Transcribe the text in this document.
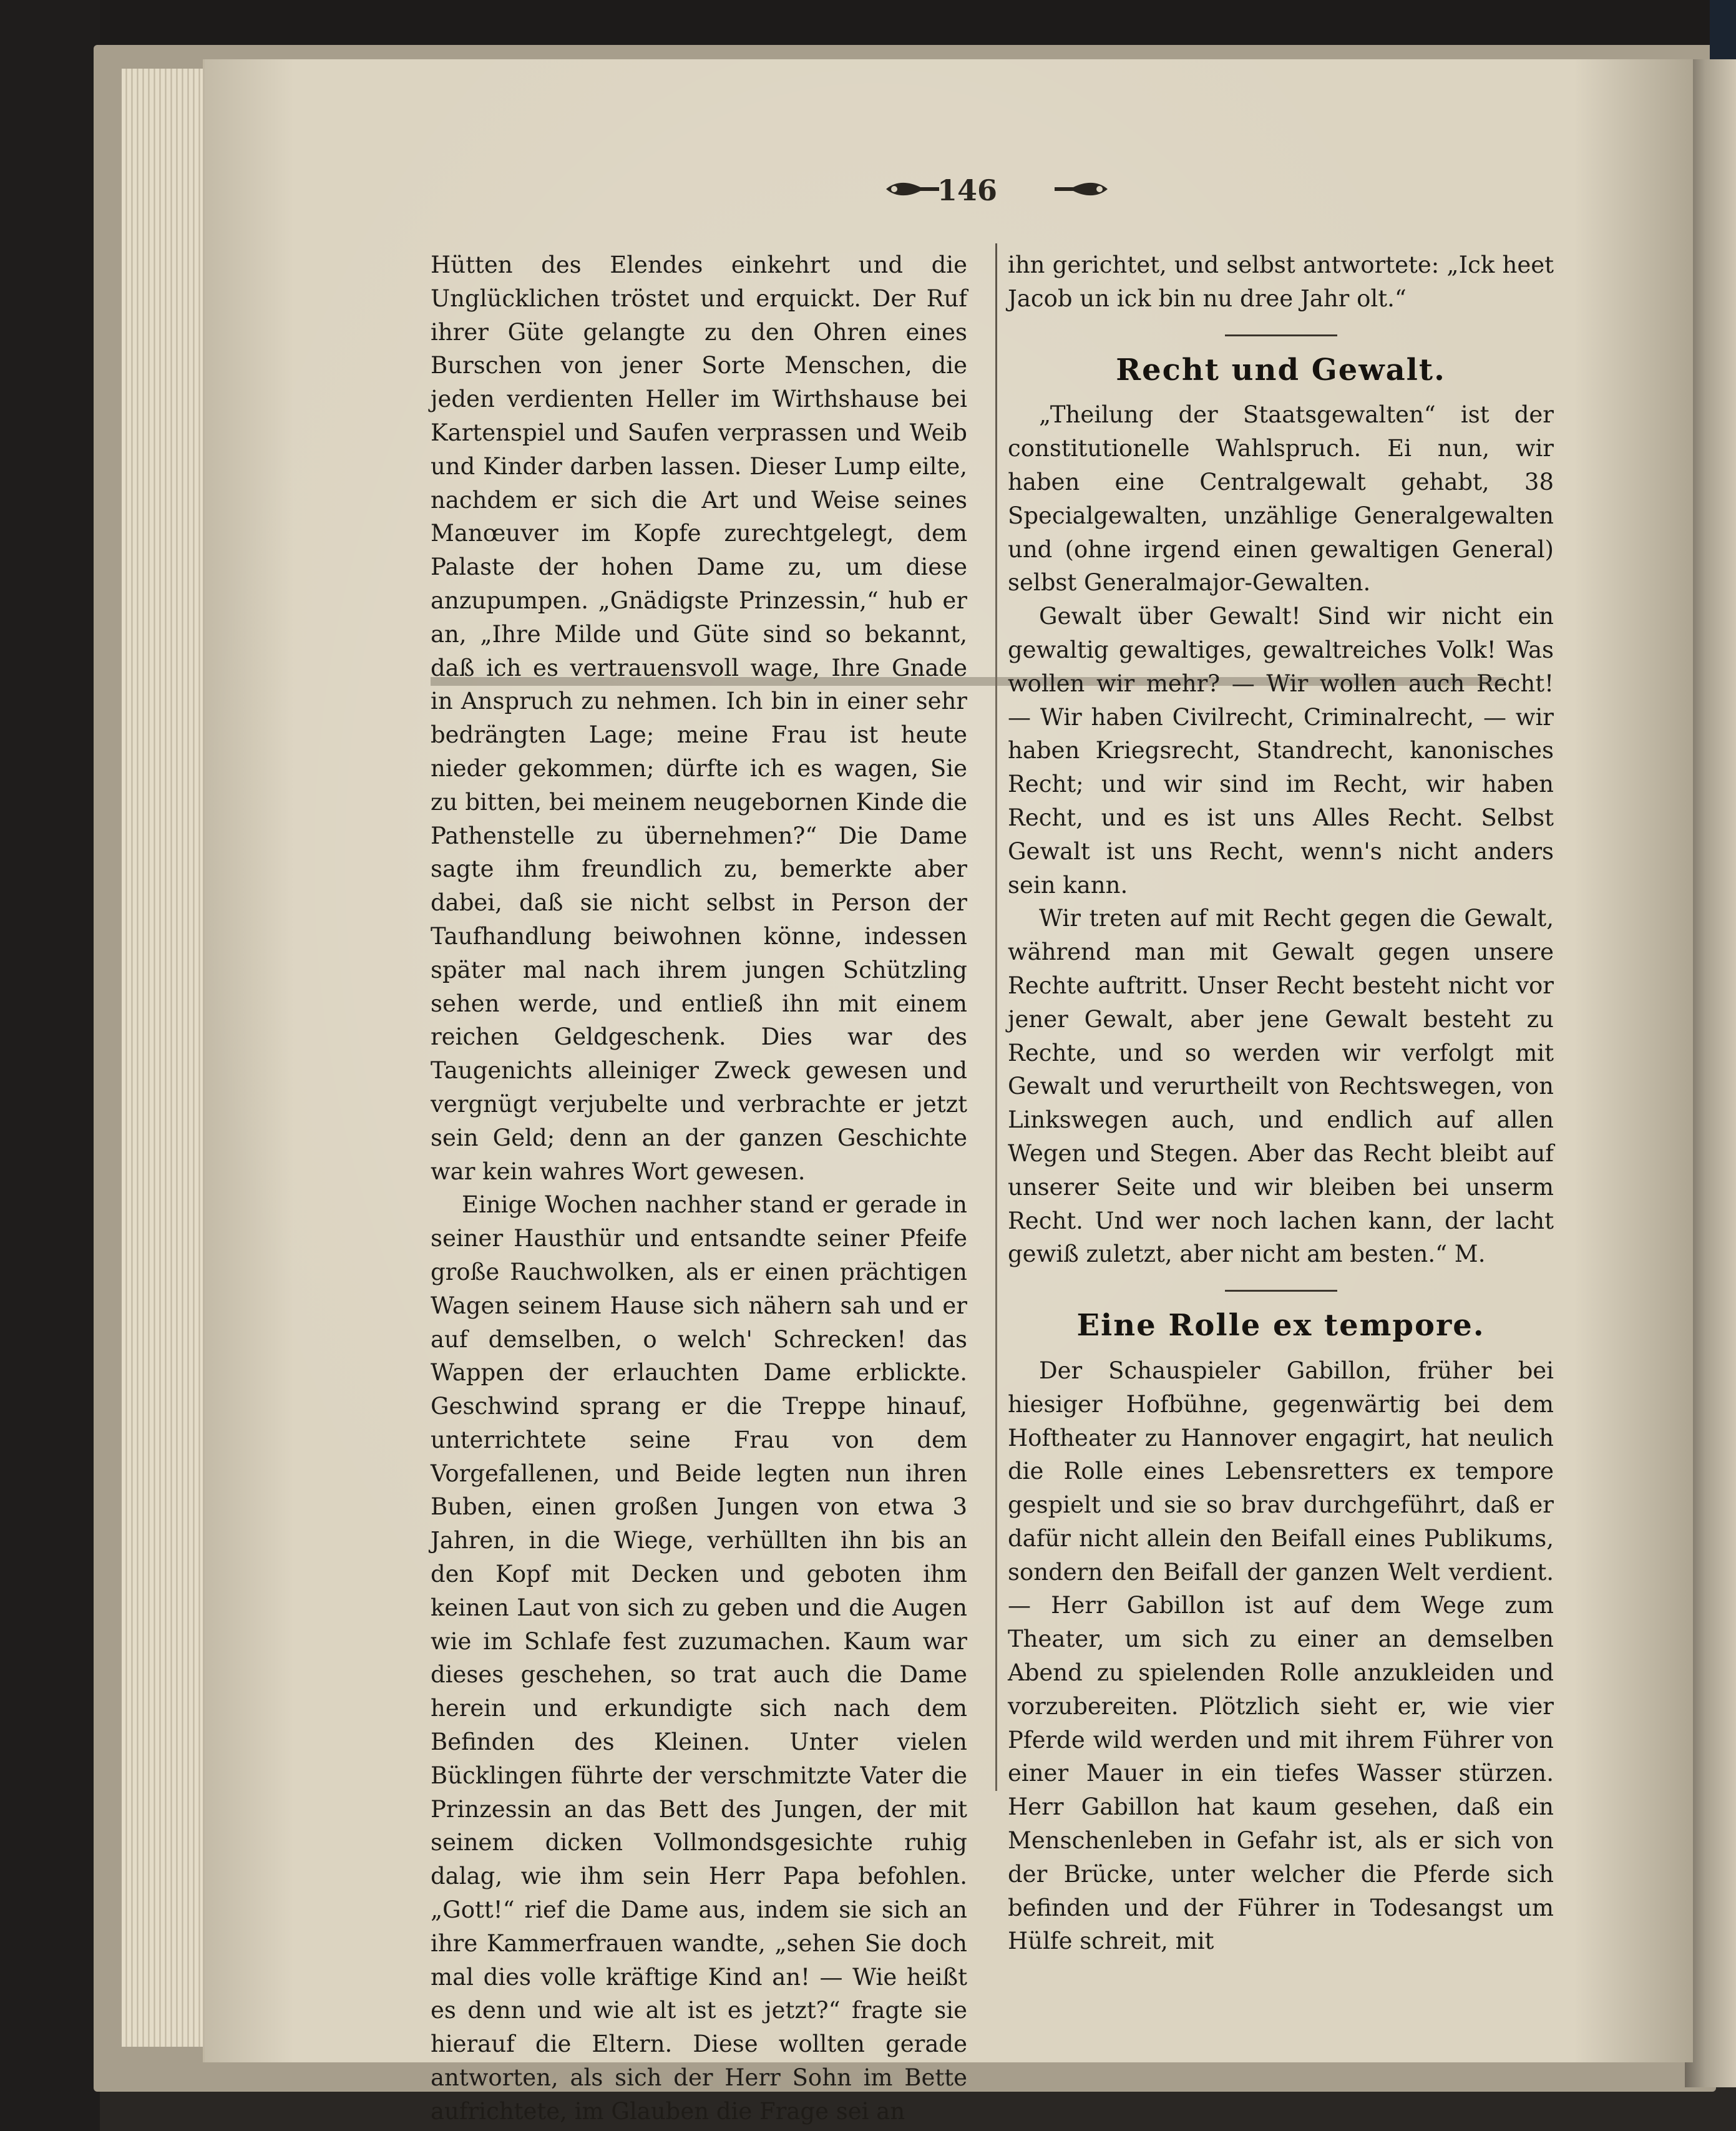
146

Hütten des Elendes einkehrt und die Unglücklichen tröstet und erquickt. Der Ruf ihrer Güte gelangte zu den Ohren eines Burschen von jener Sorte Menschen, die jeden verdienten Heller im Wirthshause bei Kartenspiel und Saufen verprassen und Weib und Kinder darben lassen. Dieser Lump eilte, nachdem er sich die Art und Weise seines Manœuver im Kopfe zurechtgelegt, dem Palaste der hohen Dame zu, um diese anzupumpen. „Gnädigste Prinzessin,“ hub er an, „Ihre Milde und Güte sind so bekannt, daß ich es vertrauensvoll wage, Ihre Gnade in Anspruch zu nehmen. Ich bin in einer sehr bedrängten Lage; meine Frau ist heute nieder gekommen; dürfte ich es wagen, Sie zu bitten, bei meinem neugebornen Kinde die Pathenstelle zu übernehmen?“ Die Dame sagte ihm freundlich zu, bemerkte aber dabei, daß sie nicht selbst in Person der Taufhandlung beiwohnen könne, indessen später mal nach ihrem jungen Schützling sehen werde, und entließ ihn mit einem reichen Geldgeschenk. Dies war des Taugenichts alleiniger Zweck gewesen und vergnügt verjubelte und verbrachte er jetzt sein Geld; denn an der ganzen Geschichte war kein wahres Wort gewesen.

Einige Wochen nachher stand er gerade in seiner Hausthür und entsandte seiner Pfeife große Rauchwolken, als er einen prächtigen Wagen seinem Hause sich nähern sah und er auf demselben, o welch' Schrecken! das Wappen der erlauchten Dame erblickte. Geschwind sprang er die Treppe hinauf, unterrichtete seine Frau von dem Vorgefallenen, und Beide legten nun ihren Buben, einen großen Jungen von etwa 3 Jahren, in die Wiege, verhüllten ihn bis an den Kopf mit Decken und geboten ihm keinen Laut von sich zu geben und die Augen wie im Schlafe fest zuzumachen. Kaum war dieses geschehen, so trat auch die Dame herein und erkundigte sich nach dem Befinden des Kleinen. Unter vielen Bücklingen führte der verschmitzte Vater die Prinzessin an das Bett des Jungen, der mit seinem dicken Vollmondsgesichte ruhig dalag, wie ihm sein Herr Papa befohlen. „Gott!“ rief die Dame aus, indem sie sich an ihre Kammerfrauen wandte, „sehen Sie doch mal dies volle kräftige Kind an! — Wie heißt es denn und wie alt ist es jetzt?“ fragte sie hierauf die Eltern. Diese wollten gerade antworten, als sich der Herr Sohn im Bette aufrichtete, im Glauben die Frage sei an

ihn gerichtet, und selbst antwortete: „Ick heet Jacob un ick bin nu dree Jahr olt.“

Recht und Gewalt.

„Theilung der Staatsgewalten“ ist der constitutionelle Wahlspruch. Ei nun, wir haben eine Centralgewalt gehabt, 38 Specialgewalten, unzählige Generalgewalten und (ohne irgend einen gewaltigen General) selbst Generalmajor-Gewalten.

Gewalt über Gewalt! Sind wir nicht ein gewaltig gewaltiges, gewaltreiches Volk! Was wollen wir mehr? — Wir wollen auch Recht! — Wir haben Civilrecht, Criminalrecht, — wir haben Kriegsrecht, Standrecht, kanonisches Recht; und wir sind im Recht, wir haben Recht, und es ist uns Alles Recht. Selbst Gewalt ist uns Recht, wenn's nicht anders sein kann.

Wir treten auf mit Recht gegen die Gewalt, während man mit Gewalt gegen unsere Rechte auftritt. Unser Recht besteht nicht vor jener Gewalt, aber jene Gewalt besteht zu Rechte, und so werden wir verfolgt mit Gewalt und verurtheilt von Rechtswegen, von Linkswegen auch, und endlich auf allen Wegen und Stegen. Aber das Recht bleibt auf unserer Seite und wir bleiben bei unserm Recht. Und wer noch lachen kann, der lacht gewiß zuletzt, aber nicht am besten.“ M.

Eine Rolle ex tempore.

Der Schauspieler Gabillon, früher bei hiesiger Hofbühne, gegenwärtig bei dem Hoftheater zu Hannover engagirt, hat neulich die Rolle eines Lebensretters ex tempore gespielt und sie so brav durchgeführt, daß er dafür nicht allein den Beifall eines Publikums, sondern den Beifall der ganzen Welt verdient. — Herr Gabillon ist auf dem Wege zum Theater, um sich zu einer an demselben Abend zu spielenden Rolle anzukleiden und vorzubereiten. Plötzlich sieht er, wie vier Pferde wild werden und mit ihrem Führer von einer Mauer in ein tiefes Wasser stürzen. Herr Gabillon hat kaum gesehen, daß ein Menschenleben in Gefahr ist, als er sich von der Brücke, unter welcher die Pferde sich befinden und der Führer in Todesangst um Hülfe schreit, mit
